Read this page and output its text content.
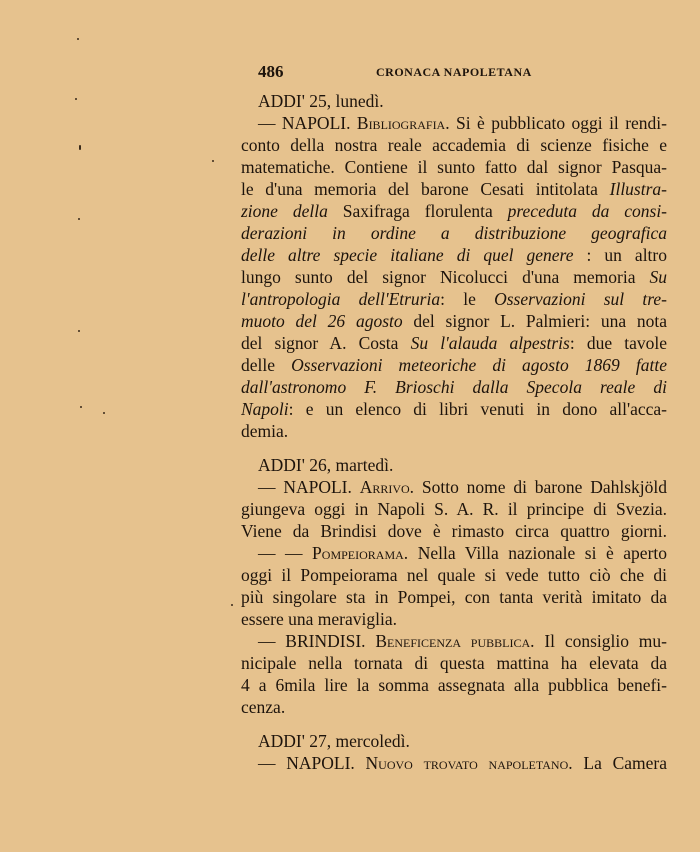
486	CRONACA NAPOLETANA
ADDI' 25, lunedì.
— NAPOLI. Bibliografia. Si è pubblicato oggi il rendi-
conto della nostra reale accademia di scienze fisiche e
matematiche. Contiene il sunto fatto dal signor Pasqua-
le d'una memoria del barone Cesati intitolata Illustra-
zione della Saxifraga florulenta preceduta da consi-
derazioni in ordine a distribuzione geografica
delle altre specie italiane di quel genere : un altro
lungo sunto del signor Nicolucci d'una memoria Su
l'antropologia dell'Etruria: le Osservazioni sul tre-
muoto del 26 agosto del signor L. Palmieri: una nota
del signor A. Costa Su l'alauda alpestris: due tavole
delle Osservazioni meteoriche di agosto 1869 fatte
dall'astronomo F. Brioschi dalla Specola reale di
Napoli: e un elenco di libri venuti in dono all'acca-
demia.
ADDI' 26, martedì.
— NAPOLI. Arrivo. Sotto nome di barone Dahlskjöld
giungeva oggi in Napoli S. A. R. il principe di Svezia.
Viene da Brindisi dove è rimasto circa quattro giorni.
— — Pompeiorama. Nella Villa nazionale si è aperto
oggi il Pompeiorama nel quale si vede tutto ciò che di
più singolare sta in Pompei, con tanta verità imitato da
essere una meraviglia.
— BRINDISI. Beneficenza pubblica. Il consiglio mu-
nicipale nella tornata di questa mattina ha elevata da
4 a 6mila lire la somma assegnata alla pubblica benefi-
cenza.
ADDI' 27, mercoledì.
— NAPOLI. Nuovo trovato napoletano. La Camera
